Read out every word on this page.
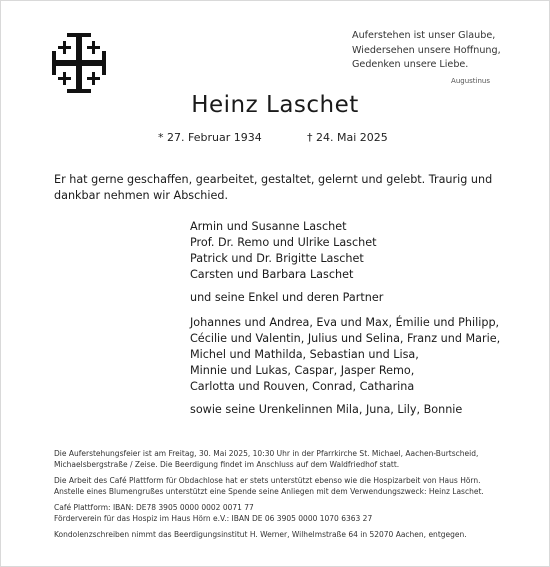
Auferstehen ist unser Glaube,
Wiedersehen unsere Hoffnung,
Gedenken unsere Liebe.
Augustinus
Heinz Laschet
* 27. Februar 1934	† 24. Mai 2025
Er hat gerne geschaffen, gearbeitet, gestaltet, gelernt und gelebt. Traurig und dankbar nehmen wir Abschied.
Armin und Susanne Laschet
Prof. Dr. Remo und Ulrike Laschet
Patrick und Dr. Brigitte Laschet
Carsten und Barbara Laschet
und seine Enkel und deren Partner
Johannes und Andrea, Eva und Max, Émilie und Philipp,
Cécilie und Valentin, Julius und Selina, Franz und Marie,
Michel und Mathilda, Sebastian und Lisa,
Minnie und Lukas, Caspar, Jasper Remo,
Carlotta und Rouven, Conrad, Catharina
sowie seine Urenkelinnen Mila, Juna, Lily, Bonnie

Die Auferstehungsfeier ist am Freitag, 30. Mai 2025, 10:30 Uhr in der Pfarrkirche St. Michael, Aachen-Burtscheid,
Michaelsbergstraße / Zeise. Die Beerdigung findet im Anschluss auf dem Waldfriedhof statt.

Die Arbeit des Café Plattform für Obdachlose hat er stets unterstützt ebenso wie die Hospizarbeit von Haus Hörn.
Anstelle eines Blumengrußes unterstützt eine Spende seine Anliegen mit dem Verwendungszweck: Heinz Laschet.

Café Plattform: IBAN: DE78 3905 0000 0002 0071 77
Förderverein für das Hospiz im Haus Hörn e.V.: IBAN DE 06 3905 0000 1070 6363 27

Kondolenzschreiben nimmt das Beerdigungsinstitut H. Werner, Wilhelmstraße 64 in 52070 Aachen, entgegen.
